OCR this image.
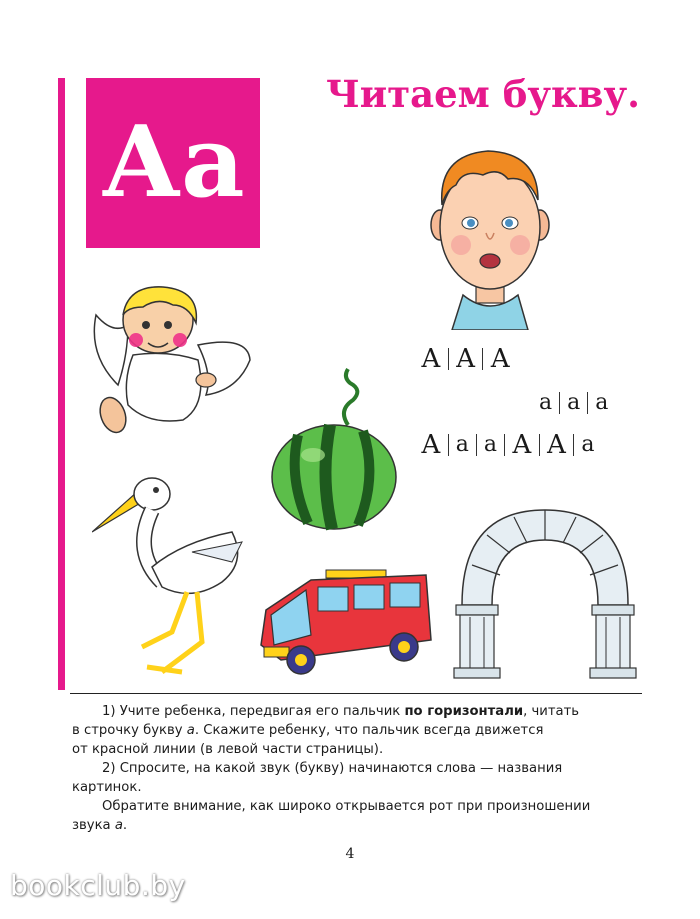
Аа
Читаем букву.
А А А
а а а
А а а А А а

1) Учите ребенка, передвигая его пальчик по горизонтали, читать

в строчку букву а. Скажите ребенку, что пальчик всегда движется

от красной линии (в левой части страницы).

2) Спросите, на какой звук (букву) начинаются слова — названия

картинок.

Обратите внимание, как широко открывается рот при произношении

звука а.

4
bookclub.by
